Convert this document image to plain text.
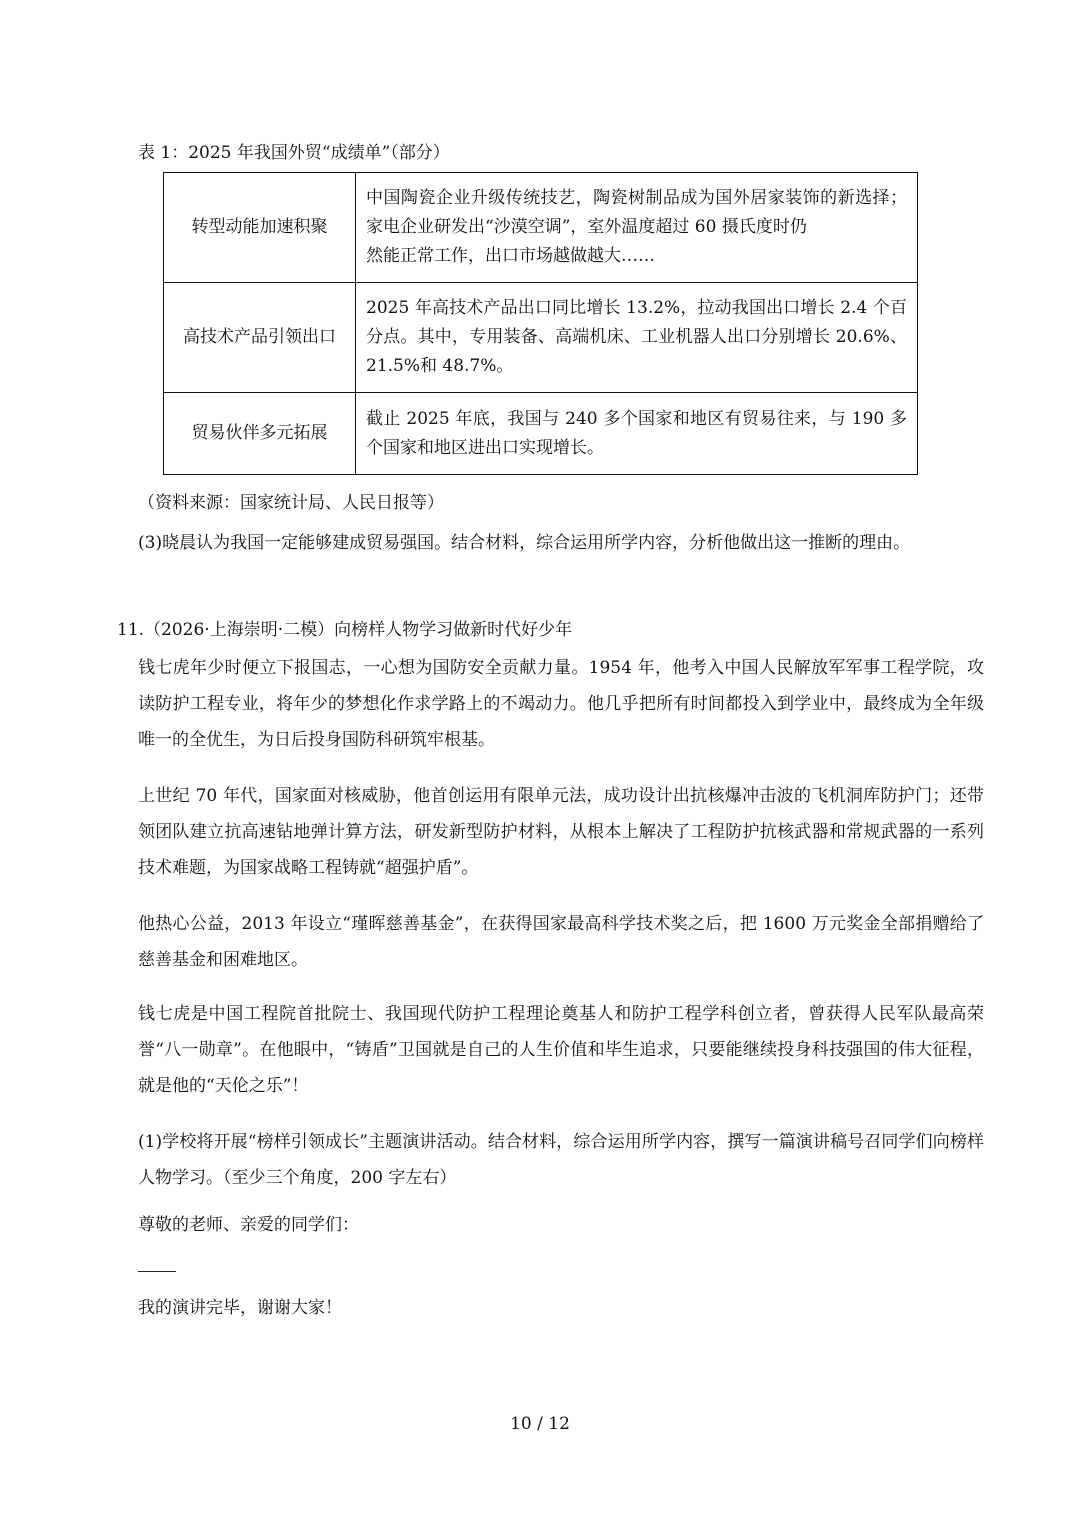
表 1：2025 年我国外贸“成绩单”（部分）
转型动能加速积聚	中国陶瓷企业升级传统技艺，陶瓷树制品成为国外居家装饰的新选择；家电企业研发出“沙漠空调”，室外温度超过 60 摄氏度时仍
然能正常工作，出口市场越做越大……

高技术产品引领出口	2025 年高技术产品出口同比增长 13.2%，拉动我国出口增长 2.4 个百分点。其中，专用装备、高端机床、工业机器人出口分别增长 20.6%、21.5%和 48.7%。
贸易伙伴多元拓展	截止 2025 年底，我国与 240 多个国家和地区有贸易往来，与 190 多个国家和地区进出口实现增长。
（资料来源：国家统计局、人民日报等）
(3)晓晨认为我国一定能够建成贸易强国。结合材料，综合运用所学内容，分析他做出这一推断的理由。
11.（2026·上海崇明·二模）向榜样人物学习做新时代好少年
钱七虎年少时便立下报国志，一心想为国防安全贡献力量。1954 年，他考入中国人民解放军军事工程学院，攻读防护工程专业，将年少的梦想化作求学路上的不竭动力。他几乎把所有时间都投入到学业中，最终成为全年级唯一的全优生，为日后投身国防科研筑牢根基。
上世纪 70 年代，国家面对核威胁，他首创运用有限单元法，成功设计出抗核爆冲击波的飞机洞库防护门；还带领团队建立抗高速钻地弹计算方法，研发新型防护材料，从根本上解决了工程防护抗核武器和常规武器的一系列技术难题，为国家战略工程铸就“超强护盾”。
他热心公益，2013 年设立“瑾晖慈善基金”，在获得国家最高科学技术奖之后，把 1600 万元奖金全部捐赠给了慈善基金和困难地区。
钱七虎是中国工程院首批院士、我国现代防护工程理论奠基人和防护工程学科创立者，曾获得人民军队最高荣誉“八一勋章”。在他眼中，“铸盾”卫国就是自己的人生价值和毕生追求，只要能继续投身科技强国的伟大征程，就是他的“天伦之乐”！
(1)学校将开展“榜样引领成长”主题演讲活动。结合材料，综合运用所学内容，撰写一篇演讲稿号召同学们向榜样人物学习。（至少三个角度，200 字左右）
尊敬的老师、亲爱的同学们：
我的演讲完毕，谢谢大家！
10 / 12
